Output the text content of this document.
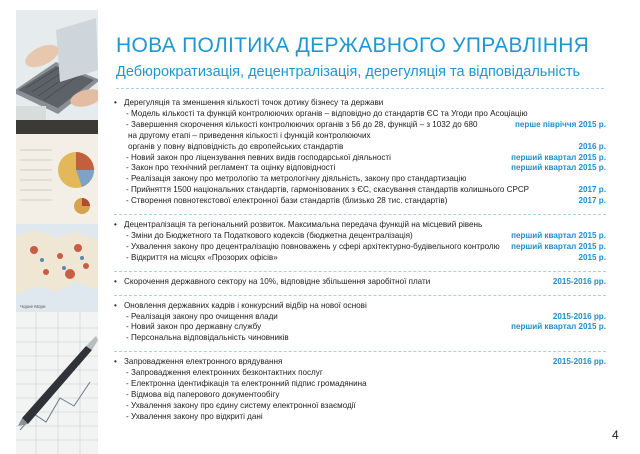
Чорне Море
НОВА ПОЛІТИКА ДЕРЖАВНОГО УПРАВЛІННЯ
Дебюрократизація, децентралізація, дерегуляція та відповідальність
• Дерегуляція та зменшення кількості точок дотику бізнесу та держави
- Модель кількості та функцій контролюючих органів – відповідно до стандартів ЄС та Угоди про Асоціацію
- Завершення скорочення кількості контролюючих органів з 56 до 28, функцій – з 1032 до 680	перше півріччя 2015 р.
на другому етапі – приведення кількості і функцій контролюючих
органів у повну відповідність до європейських стандартів	2016 р.
- Новий закон про ліцензування певних видів господарської діяльності	перший квартал 2015 р.
- Закон про технічний регламент та оцінку відповідності	перший квартал 2015 р.
- Реалізація закону про метрологію та метрологічну діяльність, закону про стандартизацію
- Прийняття 1500 національних стандартів, гармонізованих з ЄС, скасування стандартів колишнього СРСР	2017 р.
- Створення повнотекстової електронної бази стандартів (близько 28 тис. стандартів)	2017 р.
• Децентралізація та регіональний розвиток. Максимальна передача функцій на місцевий рівень
- Зміни до Бюджетного та Податкового кодексів (бюджетна децентралізація)	перший квартал 2015 р.
- Ухвалення закону про децентралізацію повноважень у сфері архітектурно-будівельного контролю	перший квартал 2015 р.
- Відкриття на місцях «Прозорих офісів»	2015 р.
• Скорочення державного сектору на 10%, відповідне збільшення заробітної плати	2015-2016 рр.
• Оновлення державних кадрів і конкурсний відбір на нової основі
- Реалізація закону про очищення влади	2015-2016 рр.
- Новий закон про державну службу	перший квартал 2015 р.
- Персональна відповідальність чиновників
• Запровадження електронного врядування	2015-2016 рр.
- Запровадження електронних безконтактних послуг
- Електронна ідентифікація та електронний підпис громадянина
- Відмова від паперового документообігу
- Ухвалення закону про єдину систему електронної взаємодії
- Ухвалення закону про відкриті дані
4
